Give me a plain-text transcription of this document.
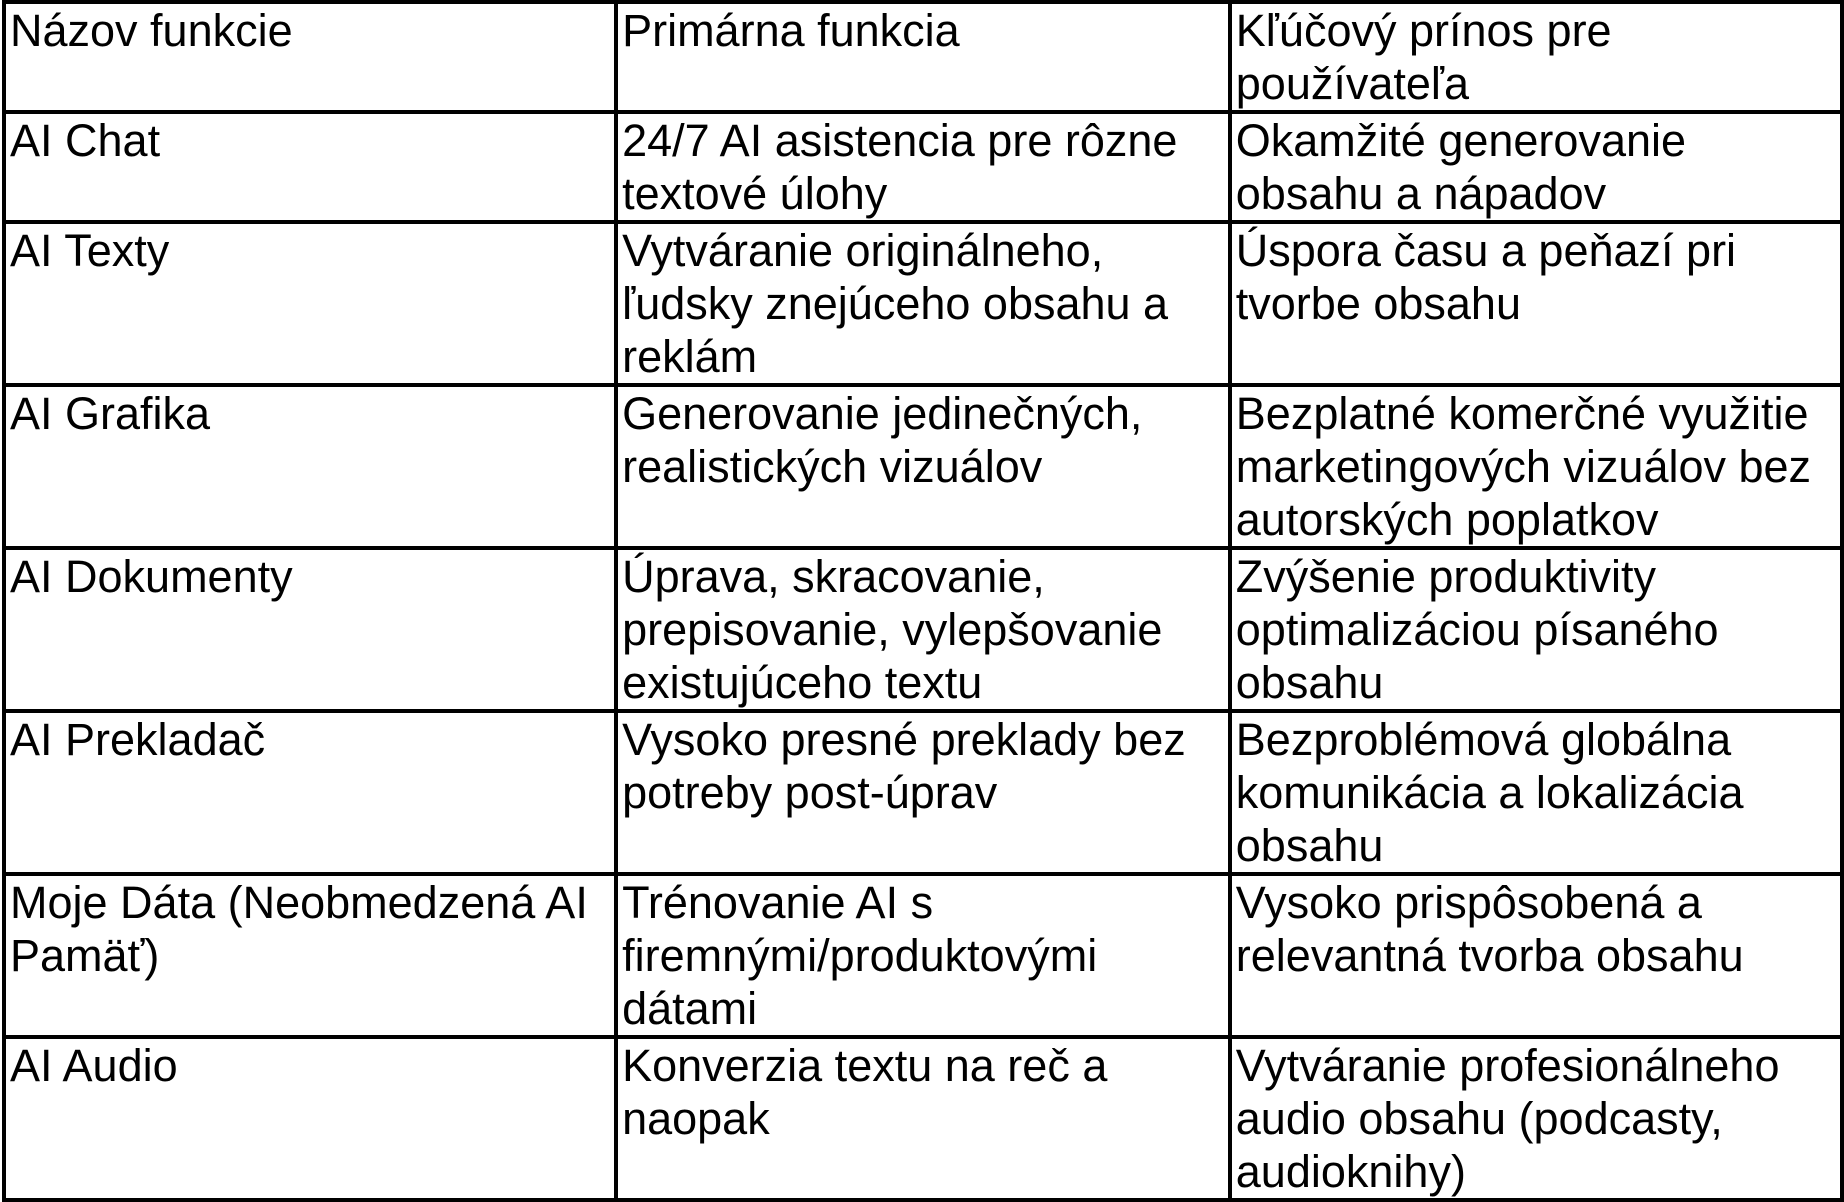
Názov funkcie	Primárna funkcia	Kľúčový prínos pre používateľa

AI Chat	24/7 AI asistencia pre rôzne textové úlohy	Okamžité generovanie obsahu a nápadov

AI Texty	Vytváranie originálneho, ľudsky znejúceho obsahu a reklám	Úspora času a peňazí pri tvorbe obsahu

AI Grafika	Generovanie jedinečných, realistických vizuálov	Bezplatné komerčné využitie marketingových vizuálov bez autorských poplatkov

AI Dokumenty	Úprava, skracovanie, prepisovanie, vylepšovanie existujúceho textu	Zvýšenie produktivity optimalizáciou písaného obsahu

AI Prekladač	Vysoko presné preklady bez potreby post-úprav	Bezproblémová globálna komunikácia a lokalizácia obsahu

Moje Dáta (Neobmedzená AI Pamäť)	Trénovanie AI s firemnými/produktovými dátami	Vysoko prispôsobená a relevantná tvorba obsahu

AI Audio	Konverzia textu na reč a naopak	Vytváranie profesionálneho audio obsahu (podcasty, audioknihy)
